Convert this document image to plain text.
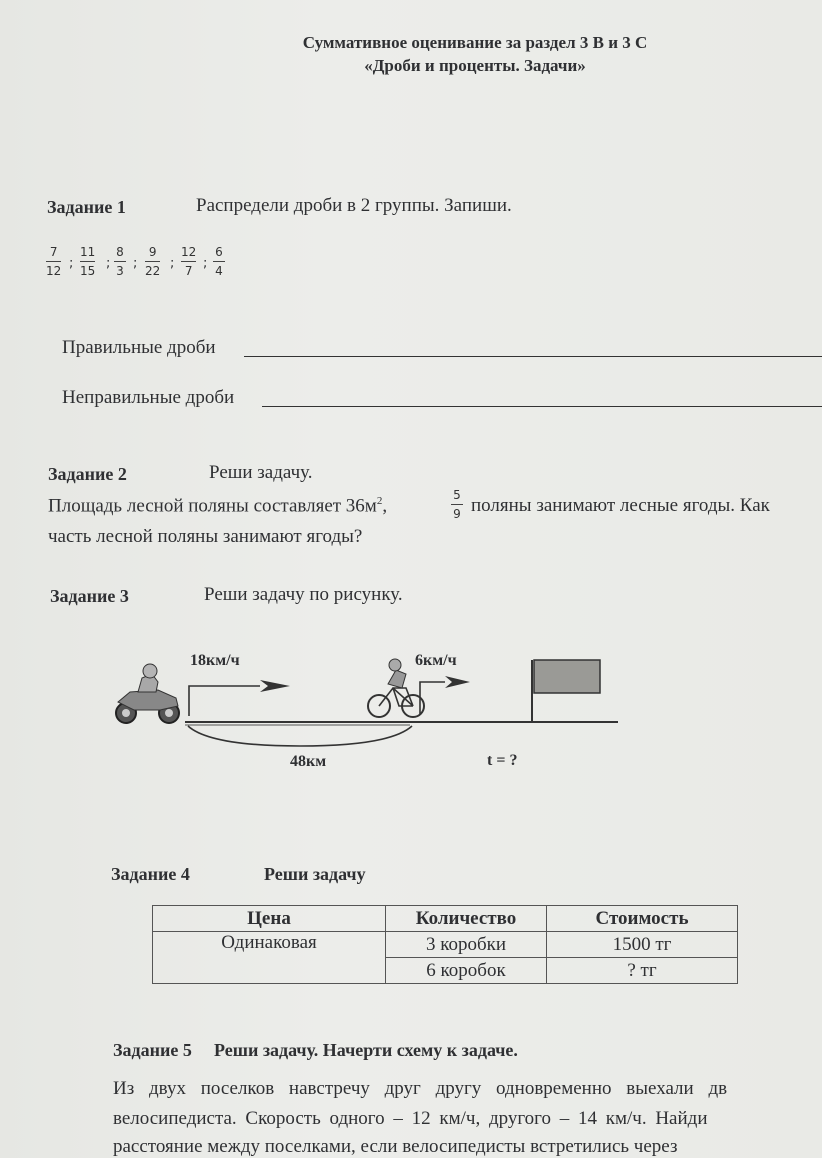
Суммативное оценивание за раздел 3 В и 3 С
«Дроби и проценты. Задачи»
Задание 1	Распредели дроби в 2 группы. Запиши.
7
12 ;
11
15 ;
8
3 ;
9
22 ;
12
7 ;
6
4
Правильные дроби
Неправильные дроби
Задание 2	Реши задачу.
Площадь лесной поляны составляет $36м^2$,
5
9 поляны занимают лесные ягоды. Как
часть лесной поляны занимают ягоды?
Задание 3	Реши задачу по рисунку.
18км/ч	6км/ч
48км	t = ?
Задание 4	Реши задачу
Цена	Количество	Стоимость
Одинаковая	3 коробки	1500 тг
	6 коробок	? тг
Задание 5 Реши задачу. Начерти схему к задаче.
Из двух поселков навстречу друг другу одновременно выехали дв
велосипедиста. Скорость одного – 12 км/ч, другого – 14 км/ч. Найди
расстояние между поселками, если велосипедисты встретились через
